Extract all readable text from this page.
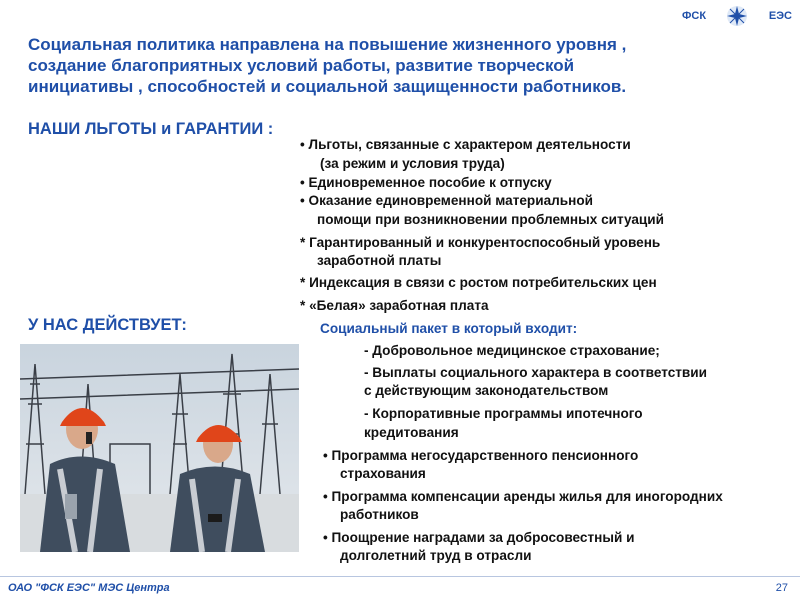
ФСК	ЕЭС
Социальная политика направлена на повышение жизненного уровня ,
создание благоприятных условий работы, развитие творческой
инициативы , способностей и социальной защищенности работников.
НАШИ ЛЬГОТЫ и ГАРАНТИИ :
У НАС ДЕЙСТВУЕТ:
• Льготы, связанные с характером деятельности
(за режим и условия труда)
• Единовременное пособие к отпуску
• Оказание единовременной материальной
помощи при возникновении проблемных ситуаций
* Гарантированный и конкурентоспособный уровень
заработной платы
* Индексация в связи с ростом потребительских цен
* «Белая» заработная плата
Социальный пакет в который входит:
- Добровольное медицинское страхование;
- Выплаты социального характера в соответствии
с действующим законодательством
- Корпоративные программы ипотечного
кредитования
• Программа негосударственного пенсионного
страхования
• Программа компенсации аренды жилья для иногородних
работников
• Поощрение наградами за добросовестный и
долголетний труд в отрасли
ОАО "ФСК ЕЭС" МЭС Центра	27
